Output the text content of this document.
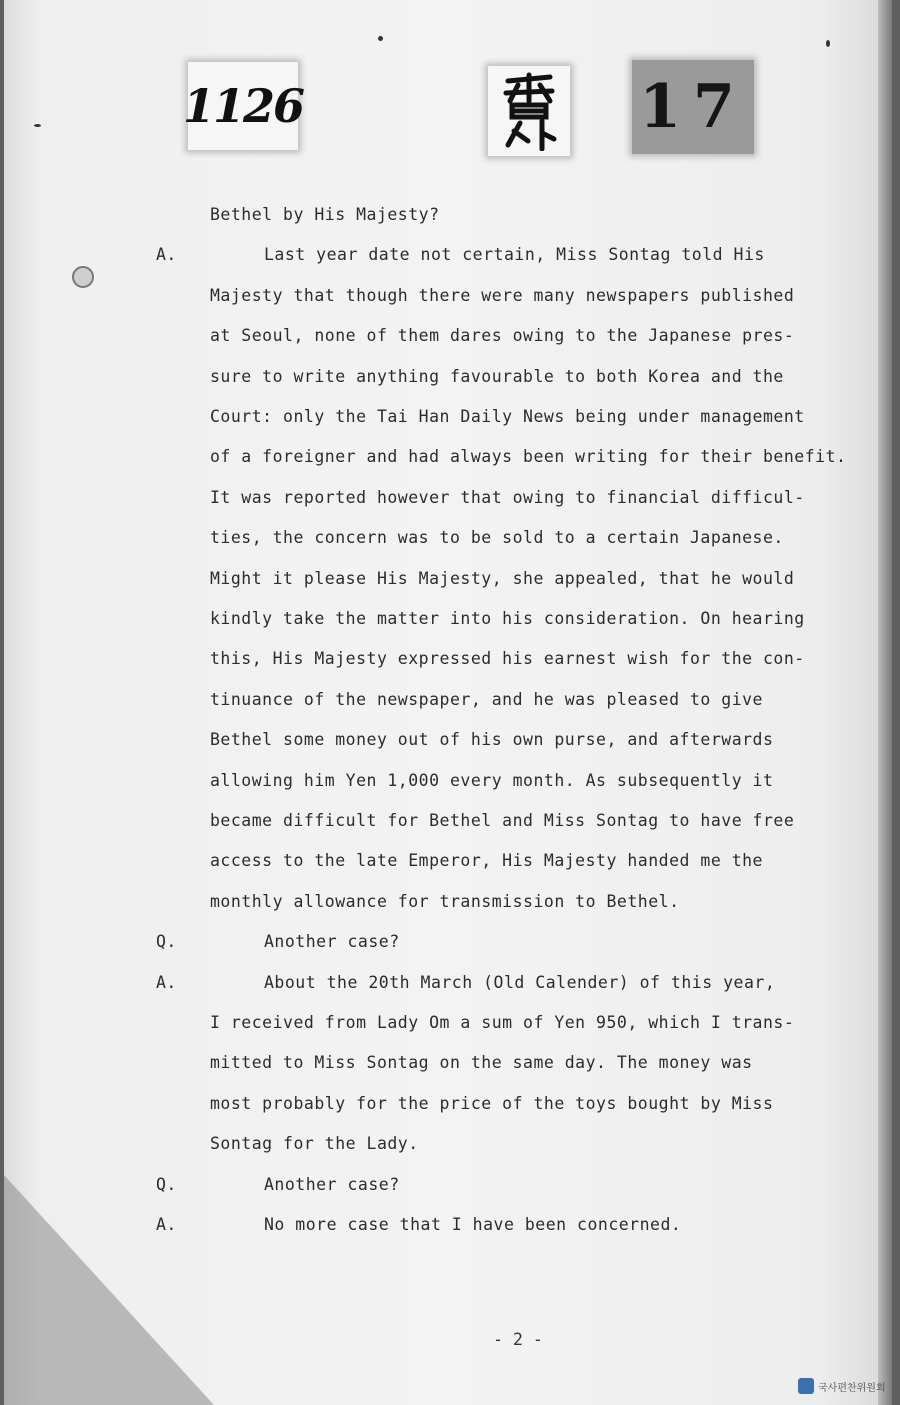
1126	17
Bethel by His Majesty?
A.	Last year date not certain, Miss Sontag told His
Majesty that though there were many newspapers published
at Seoul, none of them dares owing to the Japanese pres-
sure to write anything favourable to both Korea and the
Court: only the Tai Han Daily News being under management
of a foreigner and had always been writing for their benefit.
It was reported however that owing to financial difficul-
ties, the concern was to be sold to a certain Japanese.
Might it please His Majesty, she appealed, that he would
kindly take the matter into his consideration. On hearing
this, His Majesty expressed his earnest wish for the con-
tinuance of the newspaper, and he was pleased to give
Bethel some money out of his own purse, and afterwards
allowing him Yen 1,000 every month. As subsequently it
became difficult for Bethel and Miss Sontag to have free
access to the late Emperor, His Majesty handed me the
monthly allowance for transmission to Bethel.
Q.	Another case?
A.	About the 20th March (Old Calender) of this year,
I received from Lady Om a sum of Yen 950, which I trans-
mitted to Miss Sontag on the same day. The money was
most probably for the price of the toys bought by Miss
Sontag for the Lady.
Q.	Another case?
A.	No more case that I have been concerned.
- 2 -
국사편찬위원회
